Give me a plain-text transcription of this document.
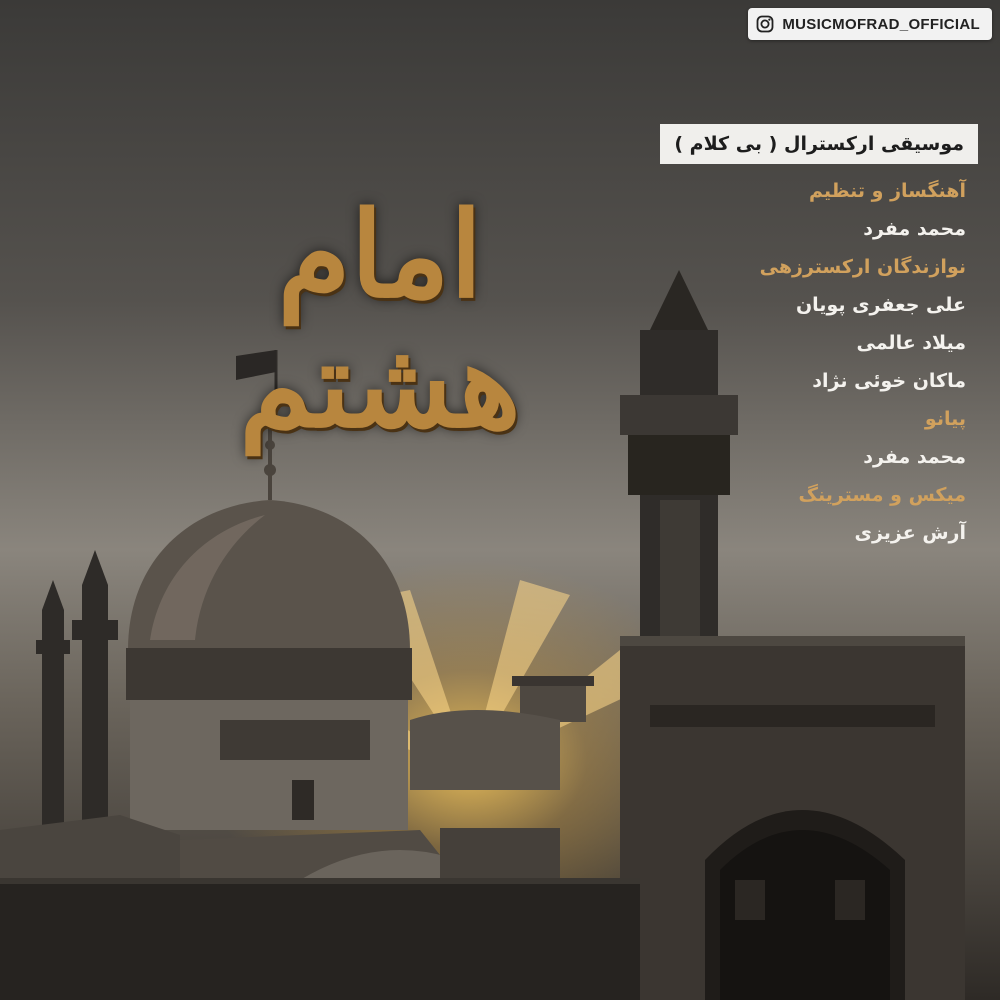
MUSICMOFRAD_OFFICIAL
امام هشتم
موسیقی ارکسترال ( بی کلام )
آهنگساز و تنظیم
محمد مفرد
نوازندگان ارکسترزهی
علی جعفری پویان
میلاد عالمی
ماکان خوئی نژاد
پیانو
محمد مفرد
میکس و مسترینگ
آرش عزیزی
